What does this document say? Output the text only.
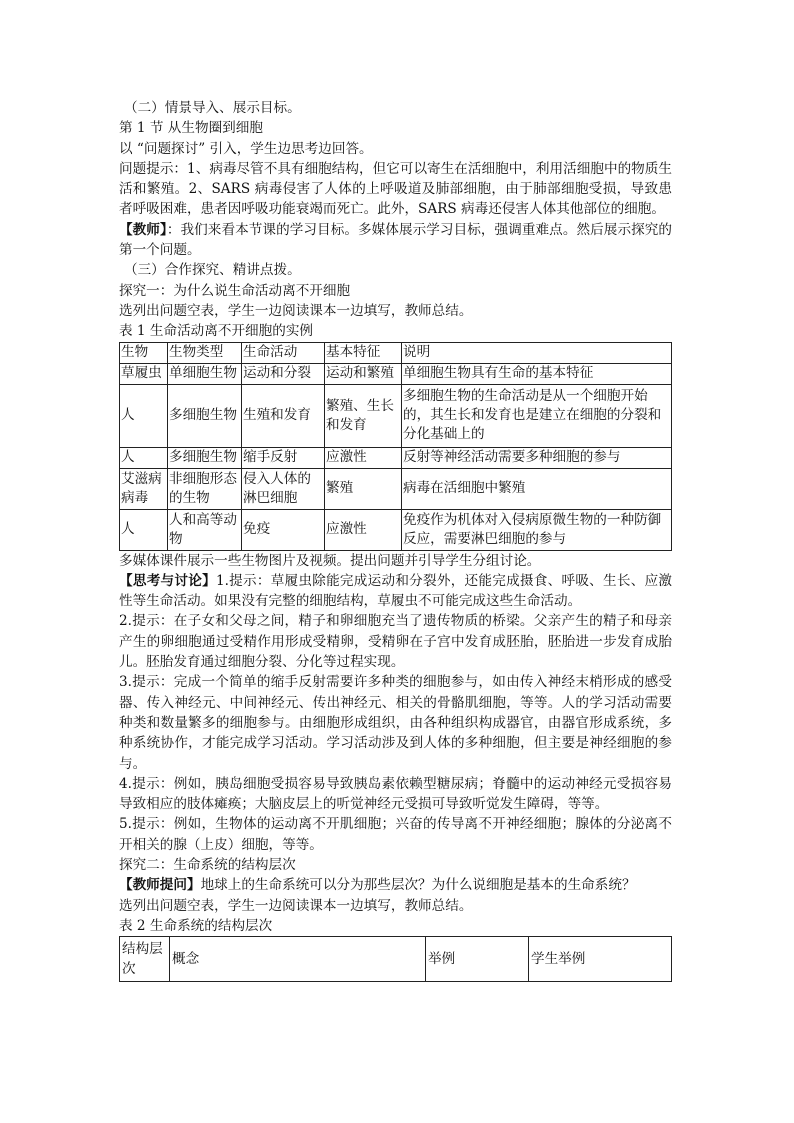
（二）情景导入、展示目标。

第 1 节 从生物圈到细胞

以 “问题探讨” 引入，学生边思考边回答。

问题提示：1、病毒尽管不具有细胞结构，但它可以寄生在活细胞中，利用活细胞中的物质生活和繁殖。2、SARS 病毒侵害了人体的上呼吸道及肺部细胞，由于肺部细胞受损，导致患者呼吸困难，患者因呼吸功能衰竭而死亡。此外，SARS 病毒还侵害人体其他部位的细胞。

【教师】：我们来看本节课的学习目标。多媒体展示学习目标，强调重难点。然后展示探究的第一个问题。

（三）合作探究、精讲点拨。

探究一：为什么说生命活动离不开细胞

选列出问题空表，学生一边阅读课本一边填写，教师总结。

表 1 生命活动离不开细胞的实例

生物	生物类型	生命活动	基本特征	说明
草履虫	单细胞生物	运动和分裂	运动和繁殖	单细胞生物具有生命的基本特征
人	多细胞生物	生殖和发育	繁殖、生长和发育	多细胞生物的生命活动是从一个细胞开始的，其生长和发育也是建立在细胞的分裂和分化基础上的
人	多细胞生物	缩手反射	应激性	反射等神经活动需要多种细胞的参与
艾滋病病毒	非细胞形态的生物	侵入人体的淋巴细胞	繁殖	病毒在活细胞中繁殖
人	人和高等动物	免疫	应激性	免疫作为机体对入侵病原微生物的一种防御反应，需要淋巴细胞的参与

多媒体课件展示一些生物图片及视频。提出问题并引导学生分组讨论。

【思考与讨论】1.提示：草履虫除能完成运动和分裂外，还能完成摄食、呼吸、生长、应激性等生命活动。如果没有完整的细胞结构，草履虫不可能完成这些生命活动。

2.提示：在子女和父母之间，精子和卵细胞充当了遗传物质的桥梁。父亲产生的精子和母亲产生的卵细胞通过受精作用形成受精卵，受精卵在子宫中发育成胚胎，胚胎进一步发育成胎儿。胚胎发育通过细胞分裂、分化等过程实现。

3.提示：完成一个简单的缩手反射需要许多种类的细胞参与，如由传入神经末梢形成的感受器、传入神经元、中间神经元、传出神经元、相关的骨骼肌细胞，等等。人的学习活动需要种类和数量繁多的细胞参与。由细胞形成组织，由各种组织构成器官，由器官形成系统，多种系统协作，才能完成学习活动。学习活动涉及到人体的多种细胞，但主要是神经细胞的参与。

4.提示：例如，胰岛细胞受损容易导致胰岛素依赖型糖尿病；脊髓中的运动神经元受损容易导致相应的肢体瘫痪；大脑皮层上的听觉神经元受损可导致听觉发生障碍，等等。

5.提示：例如，生物体的运动离不开肌细胞；兴奋的传导离不开神经细胞；腺体的分泌离不开相关的腺（上皮）细胞，等等。

探究二：生命系统的结构层次

【教师提问】地球上的生命系统可以分为那些层次？为什么说细胞是基本的生命系统？

选列出问题空表，学生一边阅读课本一边填写，教师总结。

表 2 生命系统的结构层次

结构层次	概念	举例	学生举例
